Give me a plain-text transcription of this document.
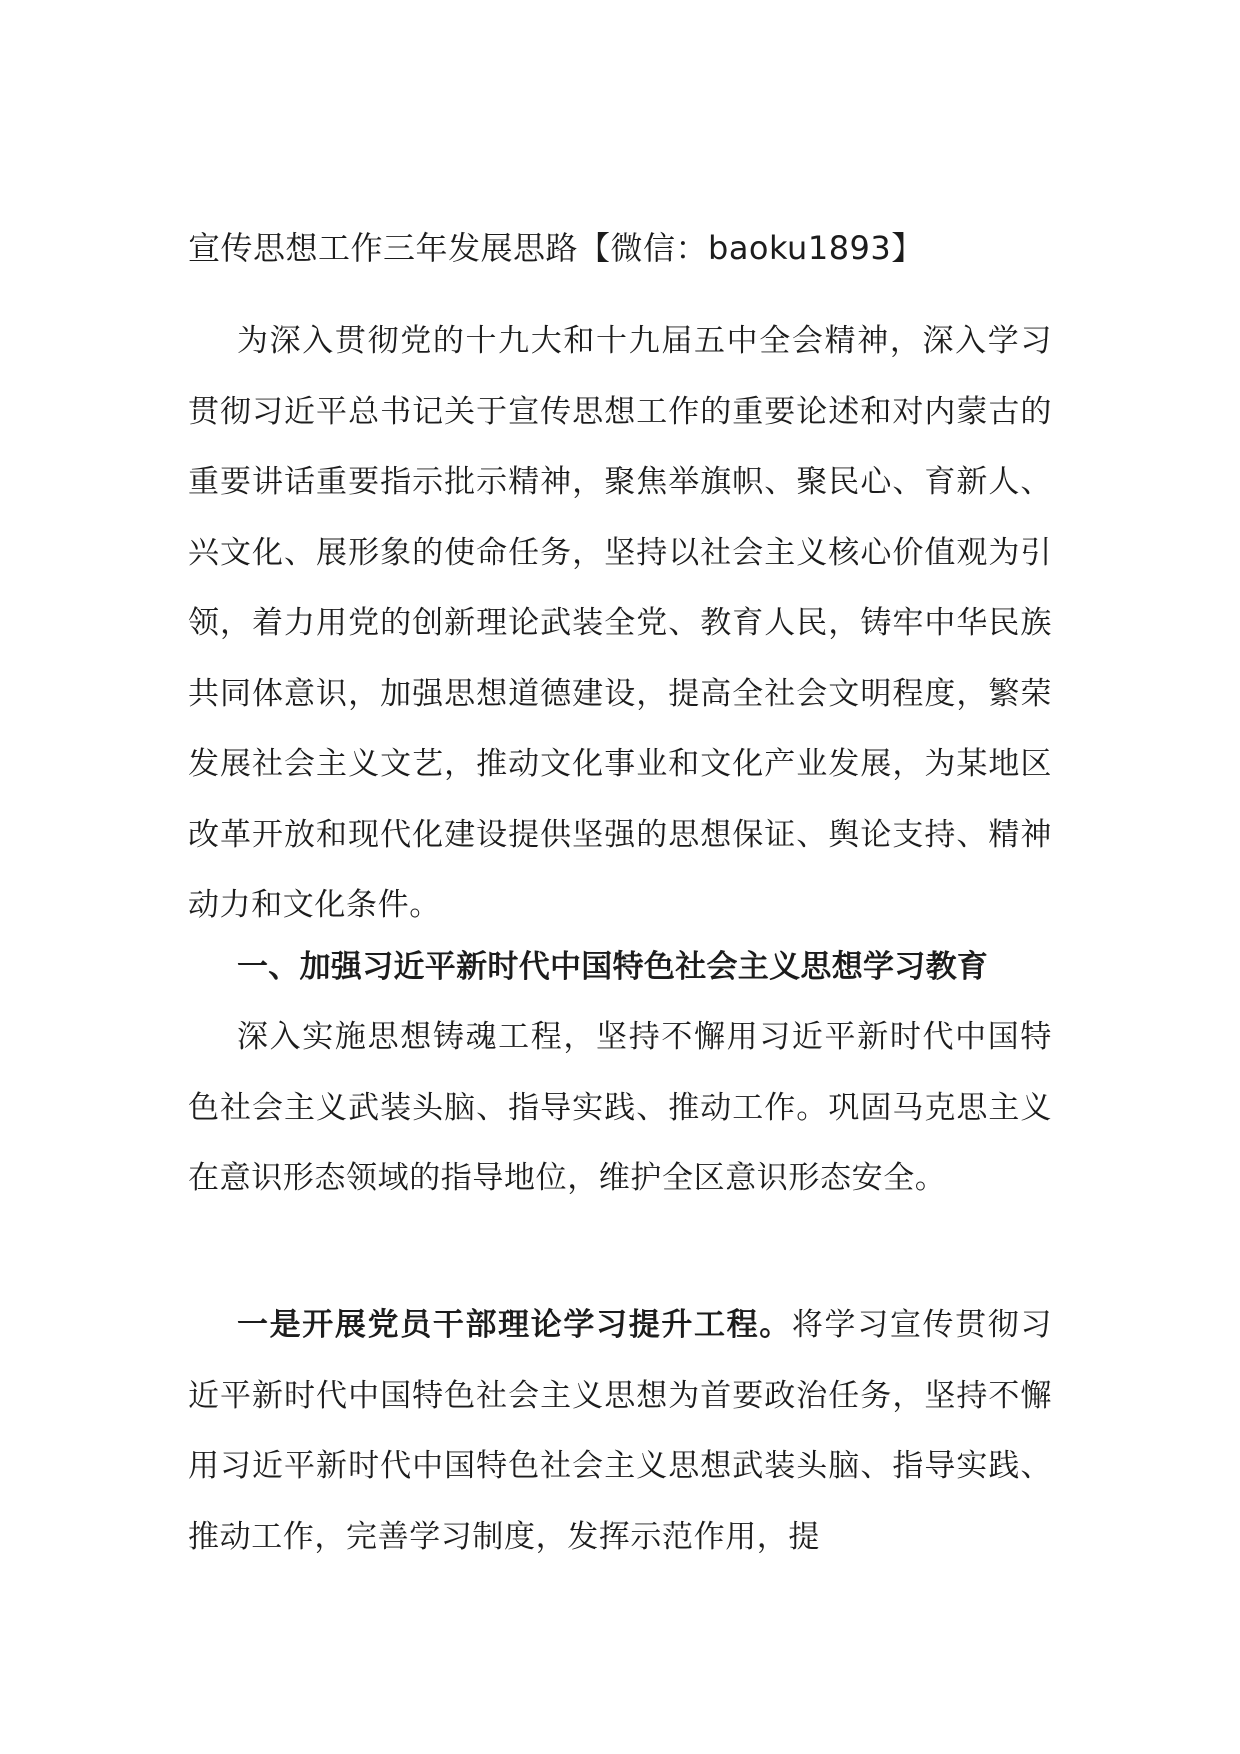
宣传思想工作三年发展思路【微信：baoku1893】

为深入贯彻党的十九大和十九届五中全会精神，深入学习贯彻习近平总书记关于宣传思想工作的重要论述和对内蒙古的重要讲话重要指示批示精神，聚焦举旗帜、聚民心、育新人、兴文化、展形象的使命任务，坚持以社会主义核心价值观为引领，着力用党的创新理论武装全党、教育人民，铸牢中华民族共同体意识，加强思想道德建设，提高全社会文明程度，繁荣发展社会主义文艺，推动文化事业和文化产业发展，为某地区改革开放和现代化建设提供坚强的思想保证、舆论支持、精神动力和文化条件。

一、加强习近平新时代中国特色社会主义思想学习教育

深入实施思想铸魂工程，坚持不懈用习近平新时代中国特色社会主义武装头脑、指导实践、推动工作。巩固马克思主义在意识形态领域的指导地位，维护全区意识形态安全。

一是开展党员干部理论学习提升工程。将学习宣传贯彻习近平新时代中国特色社会主义思想为首要政治任务，坚持不懈用习近平新时代中国特色社会主义思想武装头脑、指导实践、推动工作，完善学习制度，发挥示范作用，提
